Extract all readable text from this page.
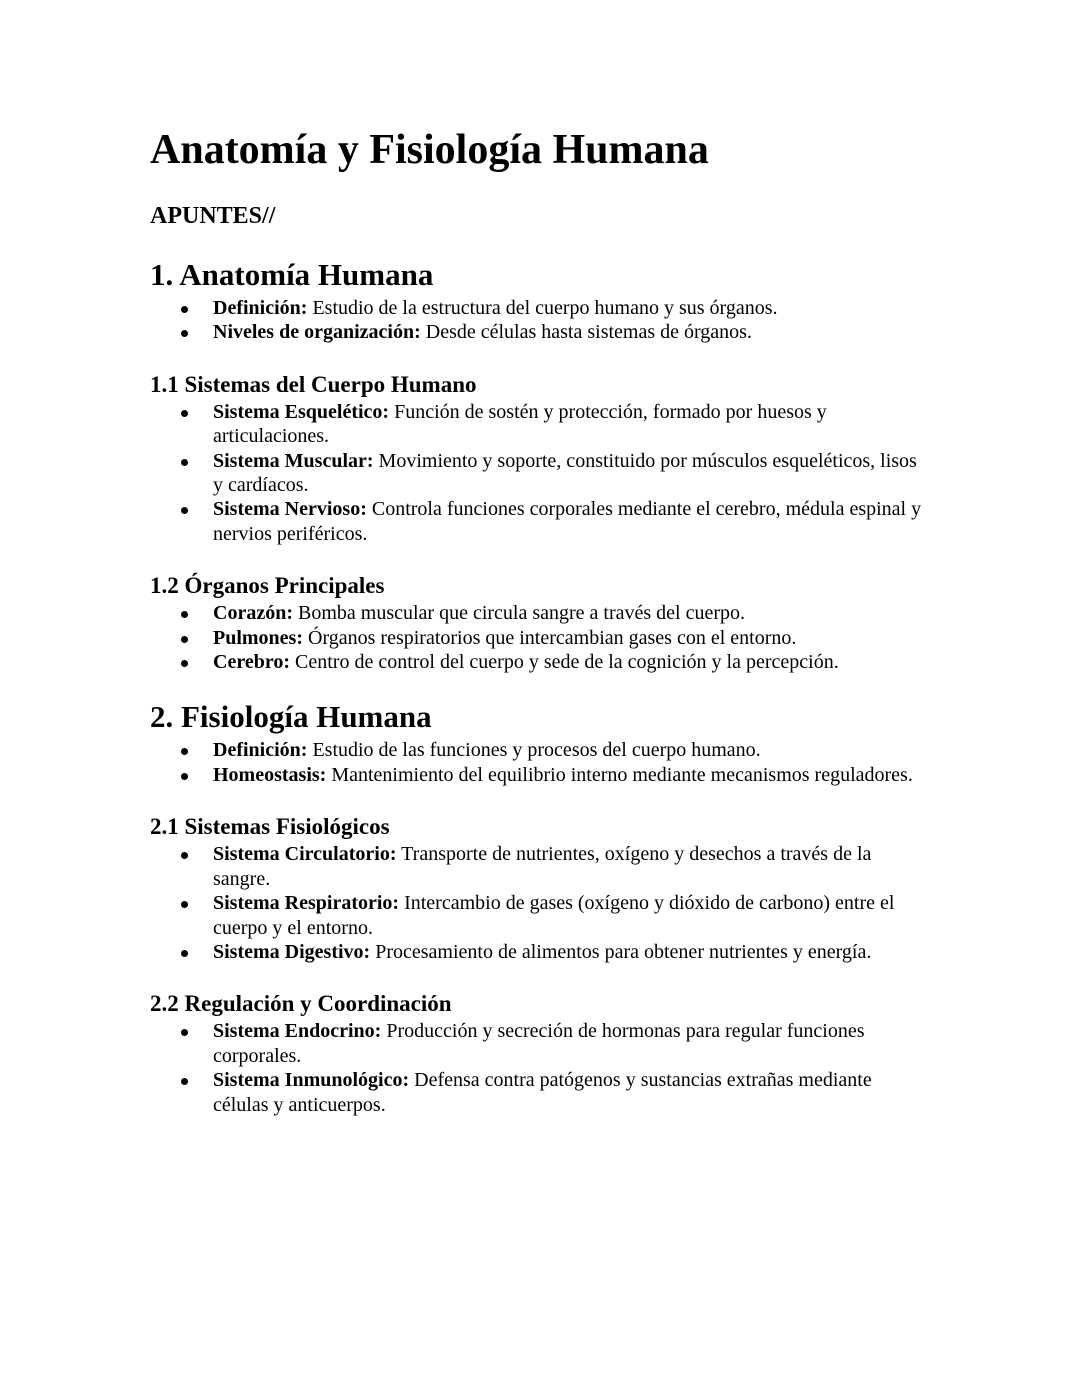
Anatomía y Fisiología Humana
APUNTES//
1. Anatomía Humana
Definición: Estudio de la estructura del cuerpo humano y sus órganos.
Niveles de organización: Desde células hasta sistemas de órganos.
1.1 Sistemas del Cuerpo Humano
Sistema Esquelético: Función de sostén y protección, formado por huesos y articulaciones.
Sistema Muscular: Movimiento y soporte, constituido por músculos esqueléticos, lisos y cardíacos.
Sistema Nervioso: Controla funciones corporales mediante el cerebro, médula espinal y nervios periféricos.
1.2 Órganos Principales
Corazón: Bomba muscular que circula sangre a través del cuerpo.
Pulmones: Órganos respiratorios que intercambian gases con el entorno.
Cerebro: Centro de control del cuerpo y sede de la cognición y la percepción.
2. Fisiología Humana
Definición: Estudio de las funciones y procesos del cuerpo humano.
Homeostasis: Mantenimiento del equilibrio interno mediante mecanismos reguladores.
2.1 Sistemas Fisiológicos
Sistema Circulatorio: Transporte de nutrientes, oxígeno y desechos a través de la sangre.
Sistema Respiratorio: Intercambio de gases (oxígeno y dióxido de carbono) entre el cuerpo y el entorno.
Sistema Digestivo: Procesamiento de alimentos para obtener nutrientes y energía.
2.2 Regulación y Coordinación
Sistema Endocrino: Producción y secreción de hormonas para regular funciones corporales.
Sistema Inmunológico: Defensa contra patógenos y sustancias extrañas mediante células y anticuerpos.
